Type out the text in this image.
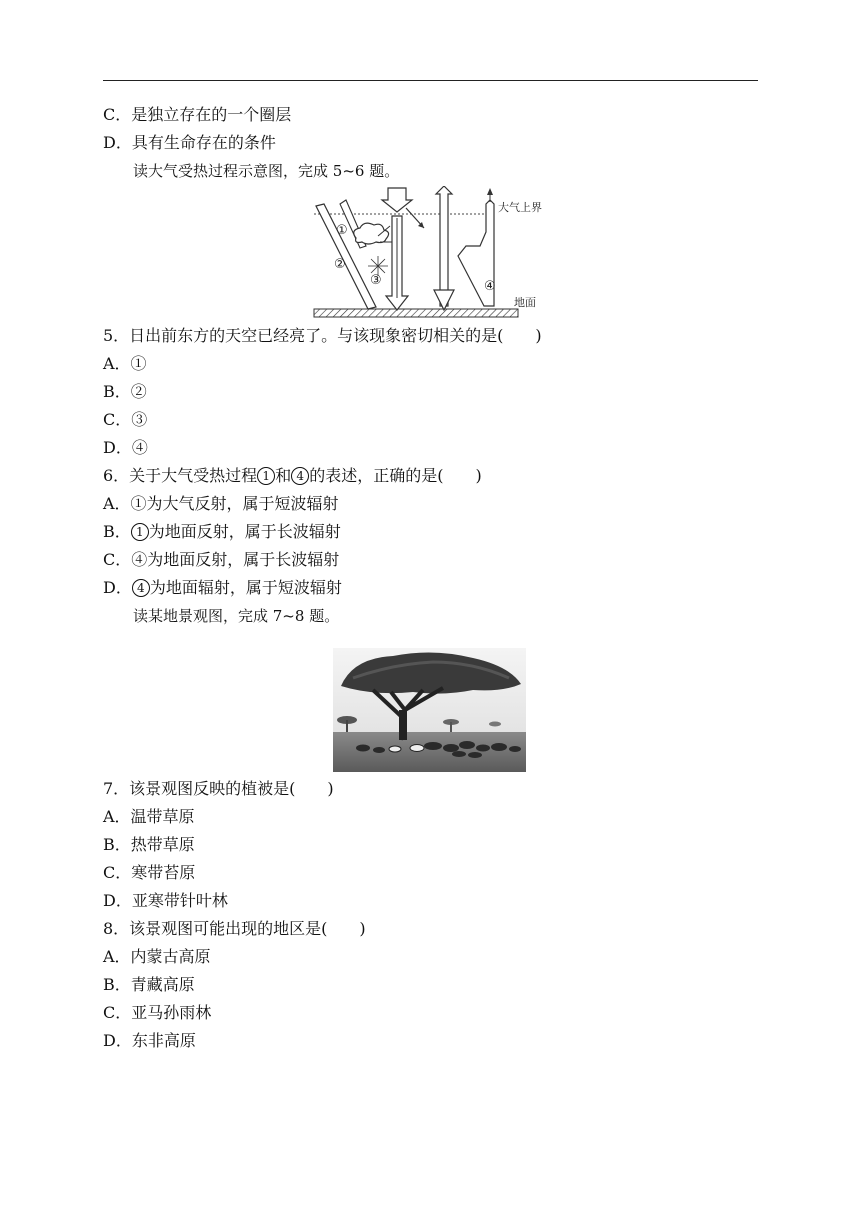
C．是独立存在的一个圈层
D．具有生命存在的条件
读大气受热过程示意图，完成 5~6 题。
大气上界
地面
①
②
③	④
5．日出前东方的天空已经亮了。与该现象密切相关的是(　　)
A．①
B．②
C．③
D．④
6．关于大气受热过程 1 和 4 的表述，正确的是(　　)
A．①为大气反射，属于短波辐射
B． 1 为地面反射，属于长波辐射
C．④为地面反射，属于长波辐射
D． 4 为地面辐射，属于短波辐射
读某地景观图，完成 7~8 题。
7．该景观图反映的植被是(　　)
A．温带草原
B．热带草原
C．寒带苔原
D．亚寒带针叶林
8．该景观图可能出现的地区是(　　)
A．内蒙古高原
B．青藏高原
C．亚马孙雨林
D．东非高原
